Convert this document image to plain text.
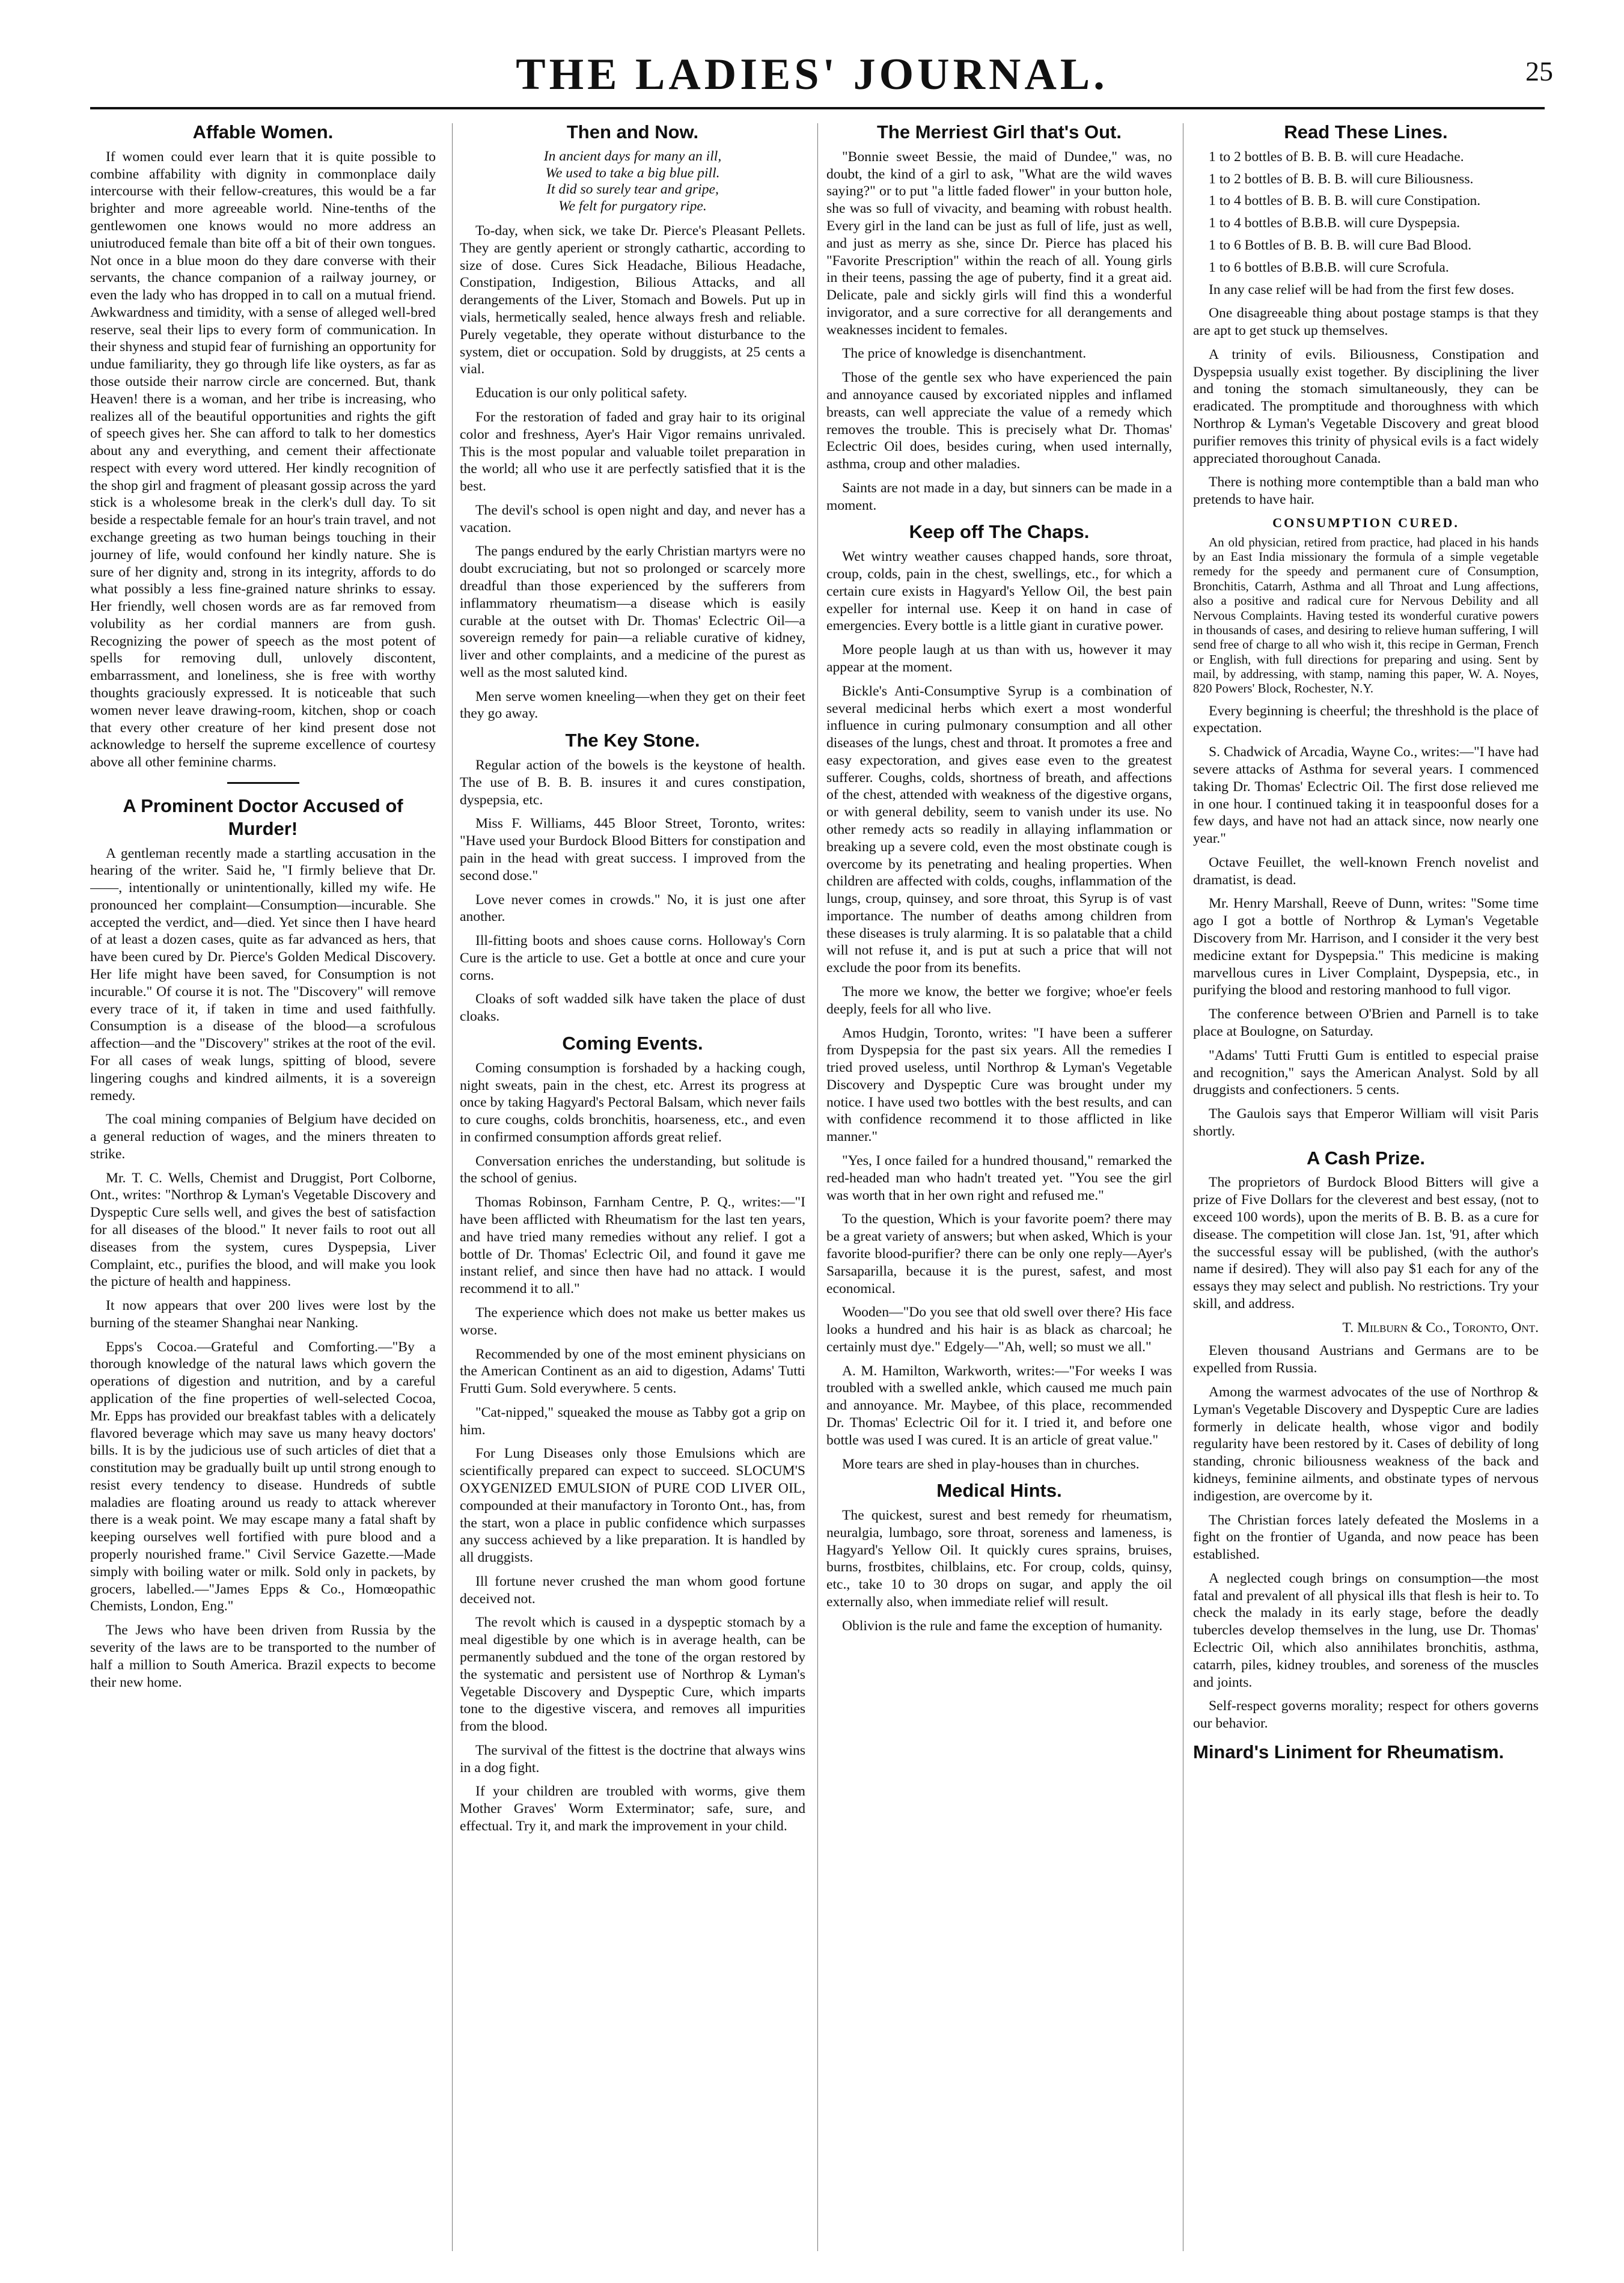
THE LADIES' JOURNAL.	25
Affable Women.

If women could ever learn that it is quite possible to combine affability with dignity in commonplace daily intercourse with their fellow-creatures, this would be a far brighter and more agreeable world. Nine-tenths of the gentlewomen one knows would no more address an uniutroduced female than bite off a bit of their own tongues. Not once in a blue moon do they dare converse with their servants, the chance companion of a railway journey, or even the lady who has dropped in to call on a mutual friend. Awkwardness and timidity, with a sense of alleged well-bred reserve, seal their lips to every form of communication. In their shyness and stupid fear of furnishing an opportunity for undue familiarity, they go through life like oysters, as far as those outside their narrow circle are concerned. But, thank Heaven! there is a woman, and her tribe is increasing, who realizes all of the beautiful opportunities and rights the gift of speech gives her. She can afford to talk to her domestics about any and everything, and cement their affectionate respect with every word uttered. Her kindly recognition of the shop girl and fragment of pleasant gossip across the yard stick is a wholesome break in the clerk's dull day. To sit beside a respectable female for an hour's train travel, and not exchange greeting as two human beings touching in their journey of life, would confound her kindly nature. She is sure of her dignity and, strong in its integrity, affords to do what possibly a less fine-grained nature shrinks to essay. Her friendly, well chosen words are as far removed from volubility as her cordial manners are from gush. Recognizing the power of speech as the most potent of spells for removing dull, unlovely discontent, embarrassment, and loneliness, she is free with worthy thoughts graciously expressed. It is noticeable that such women never leave drawing-room, kitchen, shop or coach that every other creature of her kind present dose not acknowledge to herself the supreme excellence of courtesy above all other feminine charms.

A Prominent Doctor Accused of Murder!

A gentleman recently made a startling accusation in the hearing of the writer. Said he, "I firmly believe that Dr. ——, intentionally or unintentionally, killed my wife. He pronounced her complaint—Consumption—incurable. She accepted the verdict, and—died. Yet since then I have heard of at least a dozen cases, quite as far advanced as hers, that have been cured by Dr. Pierce's Golden Medical Discovery. Her life might have been saved, for Consumption is not incurable." Of course it is not. The "Discovery" will remove every trace of it, if taken in time and used faithfully. Consumption is a disease of the blood—a scrofulous affection—and the "Discovery" strikes at the root of the evil. For all cases of weak lungs, spitting of blood, severe lingering coughs and kindred ailments, it is a sovereign remedy.

The coal mining companies of Belgium have decided on a general reduction of wages, and the miners threaten to strike.

Mr. T. C. Wells, Chemist and Druggist, Port Colborne, Ont., writes: "Northrop & Lyman's Vegetable Discovery and Dyspeptic Cure sells well, and gives the best of satisfaction for all diseases of the blood." It never fails to root out all diseases from the system, cures Dyspepsia, Liver Complaint, etc., purifies the blood, and will make you look the picture of health and happiness.

It now appears that over 200 lives were lost by the burning of the steamer Shanghai near Nanking.

Epps's Cocoa.—Grateful and Comforting.—"By a thorough knowledge of the natural laws which govern the operations of digestion and nutrition, and by a careful application of the fine properties of well-selected Cocoa, Mr. Epps has provided our breakfast tables with a delicately flavored beverage which may save us many heavy doctors' bills. It is by the judicious use of such articles of diet that a constitution may be gradually built up until strong enough to resist every tendency to disease. Hundreds of subtle maladies are floating around us ready to attack wherever there is a weak point. We may escape many a fatal shaft by keeping ourselves well fortified with pure blood and a properly nourished frame." Civil Service Gazette.—Made simply with boiling water or milk. Sold only in packets, by grocers, labelled.—"James Epps & Co., Homœopathic Chemists, London, Eng."

The Jews who have been driven from Russia by the severity of the laws are to be transported to the number of half a million to South America. Brazil expects to become their new home.

Then and Now.
In ancient days for many an ill,
We used to take a big blue pill.
It did so surely tear and gripe,
We felt for purgatory ripe.

To-day, when sick, we take Dr. Pierce's Pleasant Pellets. They are gently aperient or strongly cathartic, according to size of dose. Cures Sick Headache, Bilious Headache, Constipation, Indigestion, Bilious Attacks, and all derangements of the Liver, Stomach and Bowels. Put up in vials, hermetically sealed, hence always fresh and reliable. Purely vegetable, they operate without disturbance to the system, diet or occupation. Sold by druggists, at 25 cents a vial.

Education is our only political safety.

For the restoration of faded and gray hair to its original color and freshness, Ayer's Hair Vigor remains unrivaled. This is the most popular and valuable toilet preparation in the world; all who use it are perfectly satisfied that it is the best.

The devil's school is open night and day, and never has a vacation.

The pangs endured by the early Christian martyrs were no doubt excruciating, but not so prolonged or scarcely more dreadful than those experienced by the sufferers from inflammatory rheumatism—a disease which is easily curable at the outset with Dr. Thomas' Eclectric Oil—a sovereign remedy for pain—a reliable curative of kidney, liver and other complaints, and a medicine of the purest as well as the most saluted kind.

Men serve women kneeling—when they get on their feet they go away.

The Key Stone.

Regular action of the bowels is the keystone of health. The use of B. B. B. insures it and cures constipation, dyspepsia, etc.

Miss F. Williams, 445 Bloor Street, Toronto, writes: "Have used your Burdock Blood Bitters for constipation and pain in the head with great success. I improved from the second dose."

Love never comes in crowds." No, it is just one after another.

Ill-fitting boots and shoes cause corns. Holloway's Corn Cure is the article to use. Get a bottle at once and cure your corns.

Cloaks of soft wadded silk have taken the place of dust cloaks.

Coming Events.

Coming consumption is forshaded by a hacking cough, night sweats, pain in the chest, etc. Arrest its progress at once by taking Hagyard's Pectoral Balsam, which never fails to cure coughs, colds bronchitis, hoarseness, etc., and even in confirmed consumption affords great relief.

Conversation enriches the understanding, but solitude is the school of genius.

Thomas Robinson, Farnham Centre, P. Q., writes:—"I have been afflicted with Rheumatism for the last ten years, and have tried many remedies without any relief. I got a bottle of Dr. Thomas' Eclectric Oil, and found it gave me instant relief, and since then have had no attack. I would recommend it to all."

The experience which does not make us better makes us worse.

Recommended by one of the most eminent physicians on the American Continent as an aid to digestion, Adams' Tutti Frutti Gum. Sold everywhere. 5 cents.

"Cat-nipped," squeaked the mouse as Tabby got a grip on him.

For Lung Diseases only those Emulsions which are scientifically prepared can expect to succeed. SLOCUM'S OXYGENIZED EMULSION of PURE COD LIVER OIL, compounded at their manufactory in Toronto Ont., has, from the start, won a place in public confidence which surpasses any success achieved by a like preparation. It is handled by all druggists.

Ill fortune never crushed the man whom good fortune deceived not.

The revolt which is caused in a dyspeptic stomach by a meal digestible by one which is in average health, can be permanently subdued and the tone of the organ restored by the systematic and persistent use of Northrop & Lyman's Vegetable Discovery and Dyspeptic Cure, which imparts tone to the digestive viscera, and removes all impurities from the blood.

The survival of the fittest is the doctrine that always wins in a dog fight.

If your children are troubled with worms, give them Mother Graves' Worm Exterminator; safe, sure, and effectual. Try it, and mark the improvement in your child.

The Merriest Girl that's Out.

"Bonnie sweet Bessie, the maid of Dundee," was, no doubt, the kind of a girl to ask, "What are the wild waves saying?" or to put "a little faded flower" in your button hole, she was so full of vivacity, and beaming with robust health. Every girl in the land can be just as full of life, just as well, and just as merry as she, since Dr. Pierce has placed his "Favorite Prescription" within the reach of all. Young girls in their teens, passing the age of puberty, find it a great aid. Delicate, pale and sickly girls will find this a wonderful invigorator, and a sure corrective for all derangements and weaknesses incident to females.

The price of knowledge is disenchantment.

Those of the gentle sex who have experienced the pain and annoyance caused by excoriated nipples and inflamed breasts, can well appreciate the value of a remedy which removes the trouble. This is precisely what Dr. Thomas' Eclectric Oil does, besides curing, when used internally, asthma, croup and other maladies.

Saints are not made in a day, but sinners can be made in a moment.

Keep off The Chaps.

Wet wintry weather causes chapped hands, sore throat, croup, colds, pain in the chest, swellings, etc., for which a certain cure exists in Hagyard's Yellow Oil, the best pain expeller for internal use. Keep it on hand in case of emergencies. Every bottle is a little giant in curative power.

More people laugh at us than with us, however it may appear at the moment.

Bickle's Anti-Consumptive Syrup is a combination of several medicinal herbs which exert a most wonderful influence in curing pulmonary consumption and all other diseases of the lungs, chest and throat. It promotes a free and easy expectoration, and gives ease even to the greatest sufferer. Coughs, colds, shortness of breath, and affections of the chest, attended with weakness of the digestive organs, or with general debility, seem to vanish under its use. No other remedy acts so readily in allaying inflammation or breaking up a severe cold, even the most obstinate cough is overcome by its penetrating and healing properties. When children are affected with colds, coughs, inflammation of the lungs, croup, quinsey, and sore throat, this Syrup is of vast importance. The number of deaths among children from these diseases is truly alarming. It is so palatable that a child will not refuse it, and is put at such a price that will not exclude the poor from its benefits.

The more we know, the better we forgive; whoe'er feels deeply, feels for all who live.

Amos Hudgin, Toronto, writes: "I have been a sufferer from Dyspepsia for the past six years. All the remedies I tried proved useless, until Northrop & Lyman's Vegetable Discovery and Dyspeptic Cure was brought under my notice. I have used two bottles with the best results, and can with confidence recommend it to those afflicted in like manner."

"Yes, I once failed for a hundred thousand," remarked the red-headed man who hadn't treated yet. "You see the girl was worth that in her own right and refused me."

To the question, Which is your favorite poem? there may be a great variety of answers; but when asked, Which is your favorite blood-purifier? there can be only one reply—Ayer's Sarsaparilla, because it is the purest, safest, and most economical.

Wooden—"Do you see that old swell over there? His face looks a hundred and his hair is as black as charcoal; he certainly must dye." Edgely—"Ah, well; so must we all."

A. M. Hamilton, Warkworth, writes:—"For weeks I was troubled with a swelled ankle, which caused me much pain and annoyance. Mr. Maybee, of this place, recommended Dr. Thomas' Eclectric Oil for it. I tried it, and before one bottle was used I was cured. It is an article of great value."

More tears are shed in play-houses than in churches.

Medical Hints.

The quickest, surest and best remedy for rheumatism, neuralgia, lumbago, sore throat, soreness and lameness, is Hagyard's Yellow Oil. It quickly cures sprains, bruises, burns, frostbites, chilblains, etc. For croup, colds, quinsy, etc., take 10 to 30 drops on sugar, and apply the oil externally also, when immediate relief will result.

Oblivion is the rule and fame the exception of humanity.

Read These Lines.

1 to 2 bottles of B. B. B. will cure Headache.

1 to 2 bottles of B. B. B. will cure Biliousness.

1 to 4 bottles of B. B. B. will cure Constipation.

1 to 4 bottles of B.B.B. will cure Dyspepsia.

1 to 6 Bottles of B. B. B. will cure Bad Blood.

1 to 6 bottles of B.B.B. will cure Scrofula.

In any case relief will be had from the first few doses.

One disagreeable thing about postage stamps is that they are apt to get stuck up themselves.

A trinity of evils. Biliousness, Constipation and Dyspepsia usually exist together. By disciplining the liver and toning the stomach simultaneously, they can be eradicated. The promptitude and thoroughness with which Northrop & Lyman's Vegetable Discovery and great blood purifier removes this trinity of physical evils is a fact widely appreciated thoroughout Canada.

There is nothing more contemptible than a bald man who pretends to have hair.

CONSUMPTION CURED.

An old physician, retired from practice, had placed in his hands by an East India missionary the formula of a simple vegetable remedy for the speedy and permanent cure of Consumption, Bronchitis, Catarrh, Asthma and all Throat and Lung affections, also a positive and radical cure for Nervous Debility and all Nervous Complaints. Having tested its wonderful curative powers in thousands of cases, and desiring to relieve human suffering, I will send free of charge to all who wish it, this recipe in German, French or English, with full directions for preparing and using. Sent by mail, by addressing, with stamp, naming this paper, W. A. Noyes, 820 Powers' Block, Rochester, N.Y.

Every beginning is cheerful; the threshhold is the place of expectation.

S. Chadwick of Arcadia, Wayne Co., writes:—"I have had severe attacks of Asthma for several years. I commenced taking Dr. Thomas' Eclectric Oil. The first dose relieved me in one hour. I continued taking it in teaspoonful doses for a few days, and have not had an attack since, now nearly one year."

Octave Feuillet, the well-known French novelist and dramatist, is dead.

Mr. Henry Marshall, Reeve of Dunn, writes: "Some time ago I got a bottle of Northrop & Lyman's Vegetable Discovery from Mr. Harrison, and I consider it the very best medicine extant for Dyspepsia." This medicine is making marvellous cures in Liver Complaint, Dyspepsia, etc., in purifying the blood and restoring manhood to full vigor.

The conference between O'Brien and Parnell is to take place at Boulogne, on Saturday.

"Adams' Tutti Frutti Gum is entitled to especial praise and recognition," says the American Analyst. Sold by all druggists and confectioners. 5 cents.

The Gaulois says that Emperor William will visit Paris shortly.

A Cash Prize.

The proprietors of Burdock Blood Bitters will give a prize of Five Dollars for the cleverest and best essay, (not to exceed 100 words), upon the merits of B. B. B. as a cure for disease. The competition will close Jan. 1st, '91, after which the successful essay will be published, (with the author's name if desired). They will also pay $1 each for any of the essays they may select and publish. No restrictions. Try your skill, and address.

T. Milburn & Co., Toronto, Ont.

Eleven thousand Austrians and Germans are to be expelled from Russia.

Among the warmest advocates of the use of Northrop & Lyman's Vegetable Discovery and Dyspeptic Cure are ladies formerly in delicate health, whose vigor and bodily regularity have been restored by it. Cases of debility of long standing, chronic biliousness weakness of the back and kidneys, feminine ailments, and obstinate types of nervous indigestion, are overcome by it.

The Christian forces lately defeated the Moslems in a fight on the frontier of Uganda, and now peace has been established.

A neglected cough brings on consumption—the most fatal and prevalent of all physical ills that flesh is heir to. To check the malady in its early stage, before the deadly tubercles develop themselves in the lung, use Dr. Thomas' Eclectric Oil, which also annihilates bronchitis, asthma, catarrh, piles, kidney troubles, and soreness of the muscles and joints.

Self-respect governs morality; respect for others governs our behavior.

Minard's Liniment for Rheumatism.
